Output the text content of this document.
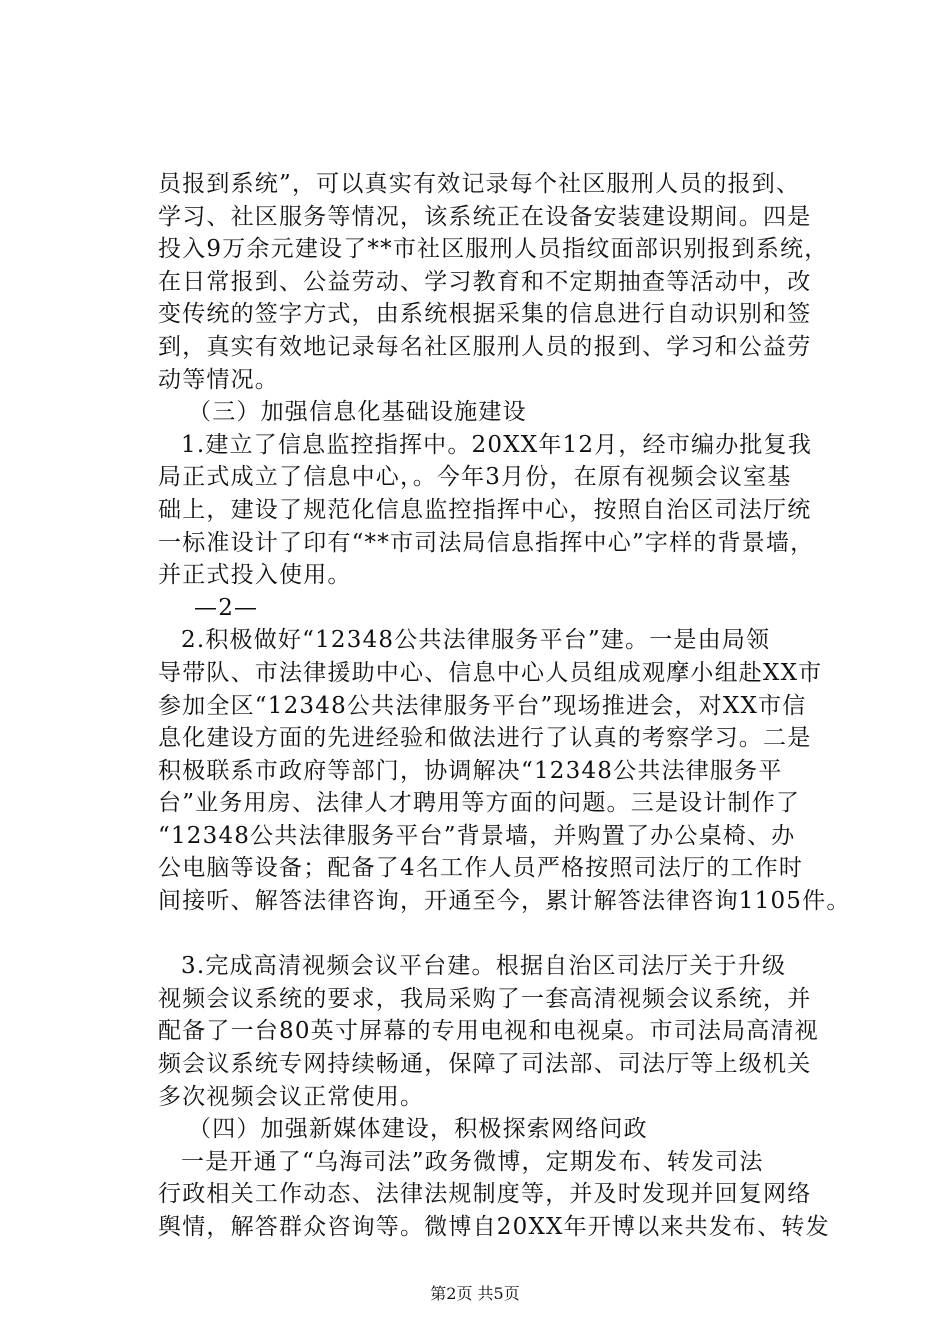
员报到系统”，可以真实有效记录每个社区服刑人员的报到、
学习、社区服务等情况，该系统正在设备安装建设期间。四是
投入9万余元建设了**市社区服刑人员指纹面部识别报到系统，
在日常报到、公益劳动、学习教育和不定期抽查等活动中，改
变传统的签字方式，由系统根据采集的信息进行自动识别和签
到，真实有效地记录每名社区服刑人员的报到、学习和公益劳
动等情况。
（三）加强信息化基础设施建设
1.建立了信息监控指挥中。20XX年12月，经市编办批复我
局正式成立了信息中心，。今年3月份，在原有视频会议室基
础上，建设了规范化信息监控指挥中心，按照自治区司法厅统
一标准设计了印有“**市司法局信息指挥中心”字样的背景墙，
并正式投入使用。
—2—
2.积极做好“12348公共法律服务平台”建。一是由局领
导带队、市法律援助中心、信息中心人员组成观摩小组赴XX市
参加全区“12348公共法律服务平台”现场推进会，对XX市信
息化建设方面的先进经验和做法进行了认真的考察学习。二是
积极联系市政府等部门，协调解决“12348公共法律服务平
台”业务用房、法律人才聘用等方面的问题。三是设计制作了
“12348公共法律服务平台”背景墙，并购置了办公桌椅、办
公电脑等设备；配备了4名工作人员严格按照司法厅的工作时
间接听、解答法律咨询，开通至今，累计解答法律咨询1105件。
3.完成高清视频会议平台建。根据自治区司法厅关于升级
视频会议系统的要求，我局采购了一套高清视频会议系统，并
配备了一台80英寸屏幕的专用电视和电视桌。市司法局高清视
频会议系统专网持续畅通，保障了司法部、司法厅等上级机关
多次视频会议正常使用。
（四）加强新媒体建设，积极探索网络问政
一是开通了“乌海司法”政务微博，定期发布、转发司法
行政相关工作动态、法律法规制度等，并及时发现并回复网络
舆情，解答群众咨询等。微博自20XX年开博以来共发布、转发
第2页 共5页
